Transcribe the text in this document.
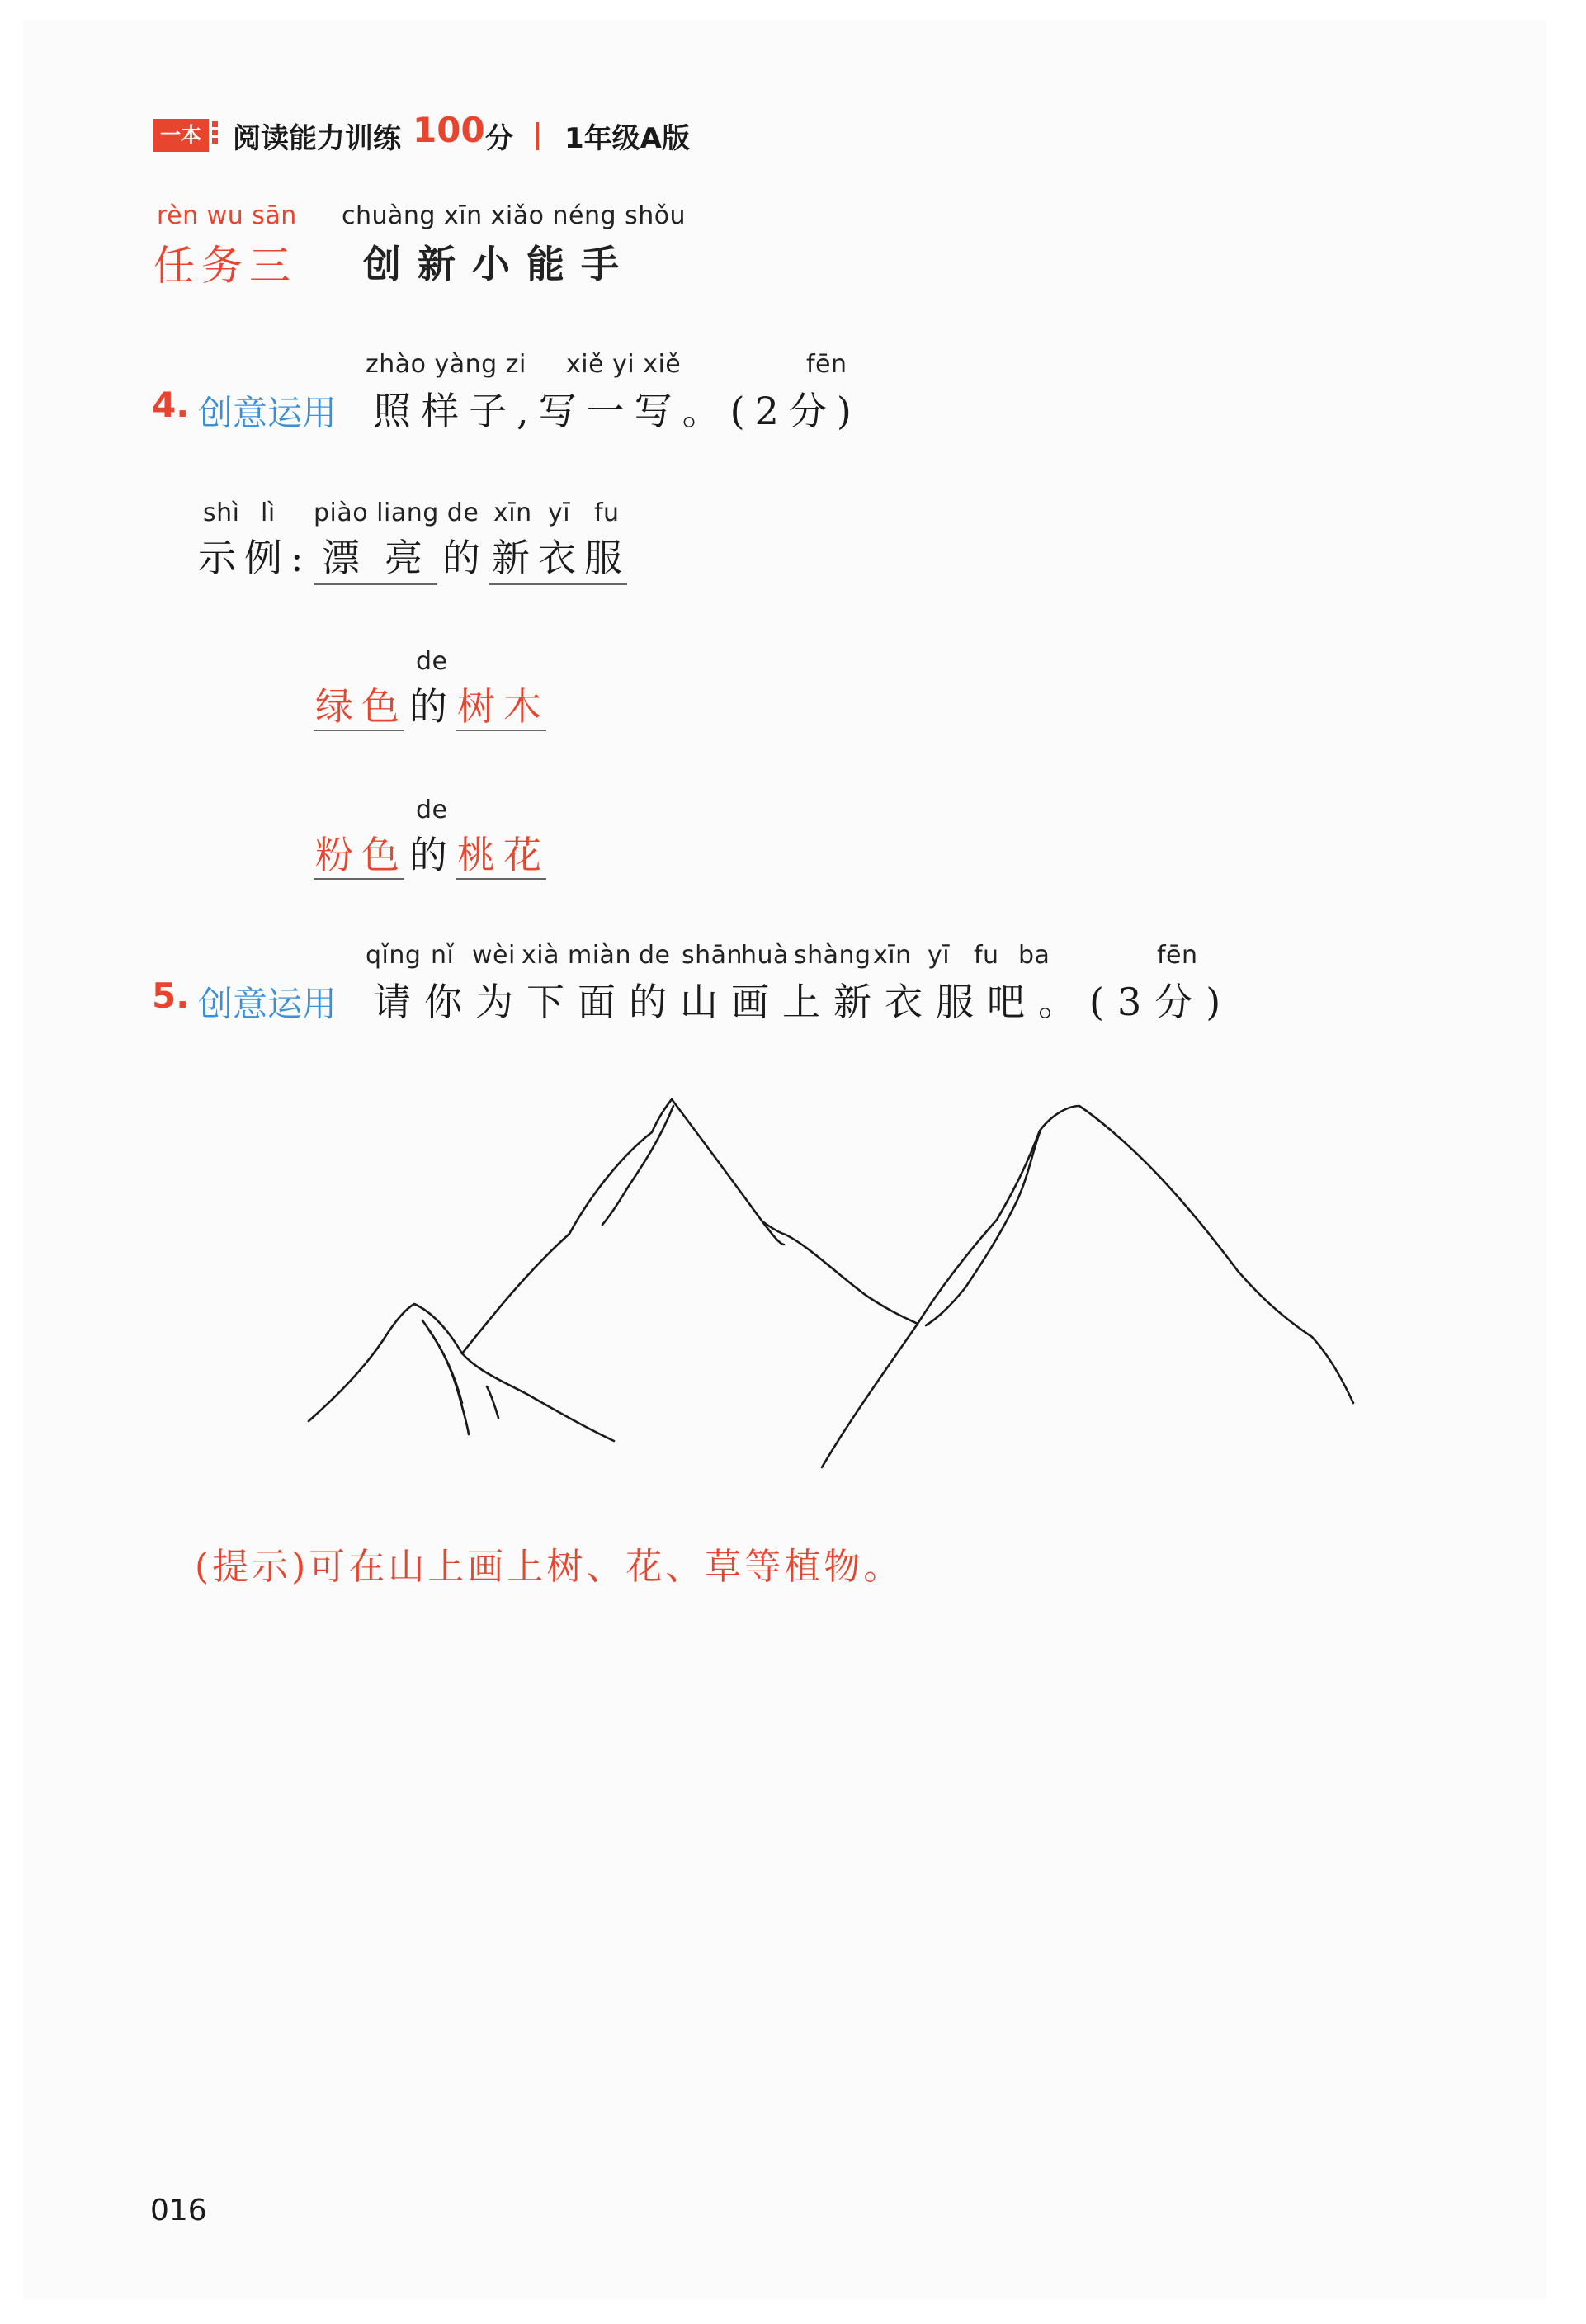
一本 阅读能力训练 100 分 1年级A版
rèn wu sān
任务三
chuàng xīn xiǎo néng shǒu
创新小能手
zhào yàng zi xiě yi xiě	fēn
4. 创意运用 照样子,写一写。(2分)
shì lì piào liang de xīn yī fu
示例: 漂亮
的 新衣服
de
绿色 的 树木
de
粉色 的 桃花
qǐng nǐ wèi xià miàn de shān
huà shàng xīn yī fu ba	fēn
5. 创意运用 请你为下面的山画上新衣服吧。(3分)
(提示)可在山上画上树、花、草等植物。
016
